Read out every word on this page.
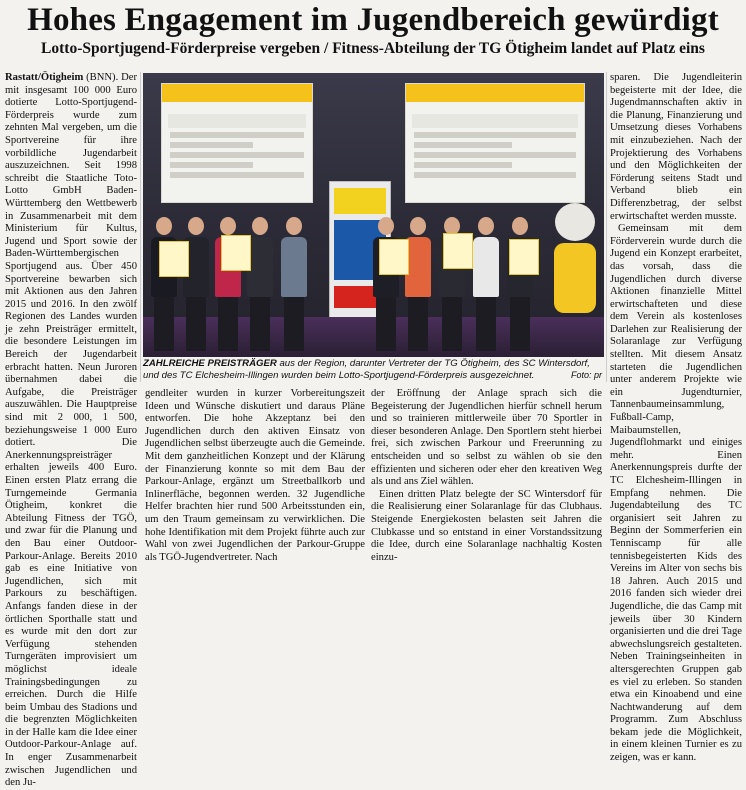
Hohes Engagement im Jugendbereich gewürdigt
Lotto-Sportjugend-Förderpreise vergeben / Fitness-Abteilung der TG Ötigheim landet auf Platz eins

Rastatt/Ötigheim (BNN). Der mit insgesamt 100 000 Euro dotierte Lotto-Sportjugend-Förderpreis wurde zum zehnten Mal vergeben, um die Sportvereine für ihre vorbildliche Jugendarbeit auszuzeichnen. Seit 1998 schreibt die Staatliche Toto-Lotto GmbH Baden-Württemberg den Wettbewerb in Zusammenarbeit mit dem Ministerium für Kultus, Jugend und Sport sowie der Baden-Württembergischen Sportjugend aus. Über 450 Sportvereine bewarben sich mit Aktionen aus den Jahren 2015 und 2016. In den zwölf Regionen des Landes wurden je zehn Preisträger ermittelt, die besondere Leistungen im Bereich der Jugendarbeit erbracht hatten. Neun Juroren übernahmen dabei die Aufgabe, die Preisträger auszuwählen. Die Hauptpreise sind mit 2 000, 1 500, beziehungsweise 1 000 Euro dotiert. Die Anerkennungspreisträger erhalten jeweils 400 Euro. Einen ersten Platz errang die Turngemeinde Germania Ötigheim, konkret die Abteilung Fitness der TGÖ, und zwar für die Planung und den Bau einer Outdoor-Parkour-Anlage. Bereits 2010 gab es eine Initiative von Jugendlichen, sich mit Parkours zu beschäftigen. Anfangs fanden diese in der örtlichen Sporthalle statt und es wurde mit den dort zur Verfügung stehenden Turngeräten improvisiert um möglichst ideale Trainingsbedingungen zu erreichen. Durch die Hilfe beim Umbau des Stadions und die begrenzten Möglichkeiten in der Halle kam die Idee einer Outdoor-Parkour-Anlage auf. In enger Zusammenarbeit zwischen Jugendlichen und den Ju-

ZAHLREICHE PREISTRÄGER aus der Region, darunter Vertreter der TG Ötigheim, des SC Wintersdorf, und des TC Elchesheim-Illingen wurden beim Lotto-Sportjugend-Förderpreis ausgezeichnet.	Foto: pr

gendleiter wurden in kurzer Vorbereitungszeit Ideen und Wünsche diskutiert und daraus Pläne entworfen. Die hohe Akzeptanz bei den Jugendlichen durch den aktiven Einsatz von Jugendlichen selbst überzeugte auch die Gemeinde. Mit dem ganzheitlichen Konzept und der Klärung der Finanzierung konnte so mit dem Bau der Parkour-Anlage, ergänzt um Streetballkorb und Inlinerfläche, begonnen werden. 32 Jugendliche Helfer brachten hier rund 500 Arbeitsstunden ein, um den Traum gemeinsam zu verwirklichen. Die hohe Identifikation mit dem Projekt führte auch zur Wahl von zwei Jugendlichen der Parkour-Gruppe als TGÖ-Jugendvertreter. Nach

der Eröffnung der Anlage sprach sich die Begeisterung der Jugendlichen hierfür schnell herum und so trainieren mittlerweile über 70 Sportler in dieser besonderen Anlage. Den Sportlern steht hierbei frei, sich zwischen Parkour und Freerunning zu entscheiden und so selbst zu wählen ob sie den effizienten und sicheren oder eher den kreativen Weg als und ans Ziel wählen.

Einen dritten Platz belegte der SC Wintersdorf für die Realisierung einer Solaranlage für das Clubhaus. Steigende Energiekosten belasten seit Jahren die Clubkasse und so entstand in einer Vorstandssitzung die Idee, durch eine Solaranlage nachhaltig Kosten einzu-

sparen. Die Jugendleiterin begeisterte mit der Idee, die Jugendmannschaften aktiv in die Planung, Finanzierung und Umsetzung dieses Vorhabens mit einzubeziehen. Nach der Projektierung des Vorhabens und den Möglichkeiten der Förderung seitens Stadt und Verband blieb ein Differenzbetrag, der selbst erwirtschaftet werden musste.

Gemeinsam mit dem Förderverein wurde durch die Jugend ein Konzept erarbeitet, das vorsah, dass die Jugendlichen durch diverse Aktionen finanzielle Mittel erwirtschafteten und diese dem Verein als kostenloses Darlehen zur Realisierung der Solaranlage zur Verfügung stellten. Mit diesem Ansatz starteten die Jugendlichen unter anderem Projekte wie ein Jugendturnier, Tannenbaumeinsammlung, Fußball-Camp, Maibaumstellen, Jugendflohmarkt und einiges mehr. Einen Anerkennungspreis durfte der TC Elchesheim-Illingen in Empfang nehmen. Die Jugendabteilung des TC organisiert seit Jahren zu Beginn der Sommerferien ein Tenniscamp für alle tennisbegeisterten Kids des Vereins im Alter von sechs bis 18 Jahren. Auch 2015 und 2016 fanden sich wieder drei Jugendliche, die das Camp mit jeweils über 30 Kindern organisierten und die drei Tage abwechslungsreich gestalteten. Neben Trainingseinheiten in altersgerechten Gruppen gab es viel zu erleben. So standen etwa ein Kinoabend und eine Nachtwanderung auf dem Programm. Zum Abschluss bekam jede die Möglichkeit, in einem kleinen Turnier es zu zeigen, was er kann.
